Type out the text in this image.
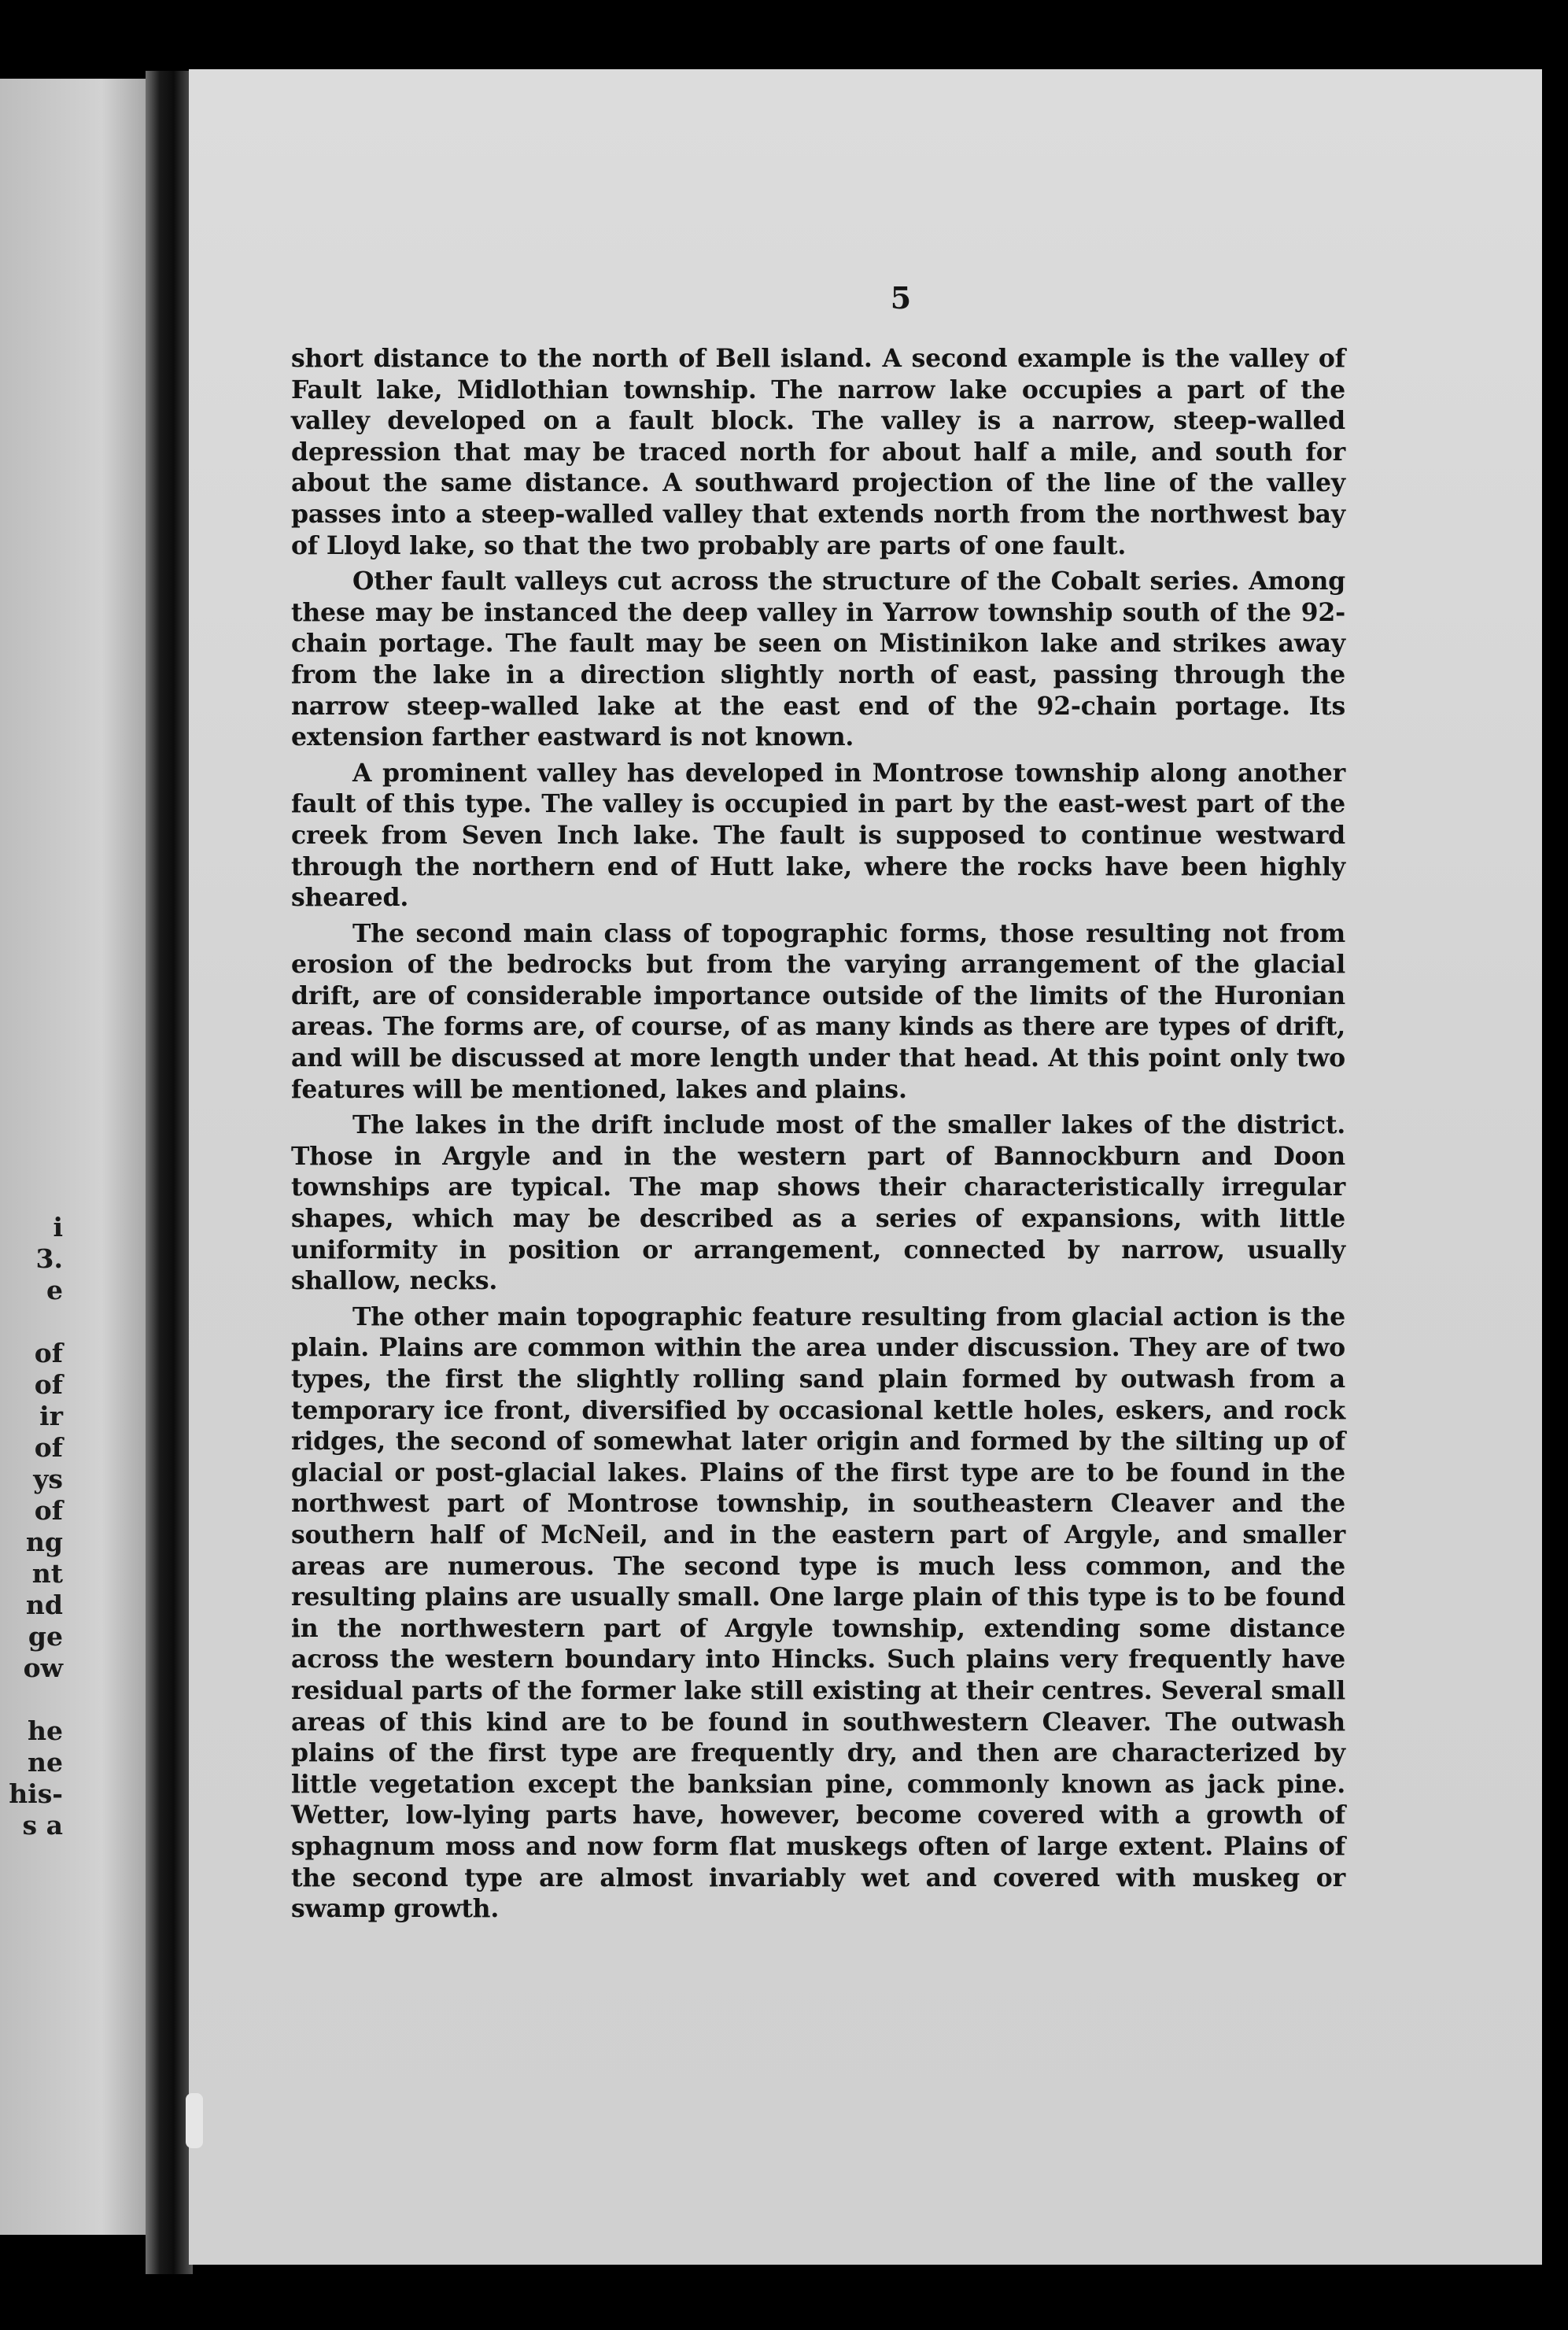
i
3.
e

of
of
ir
of
ys
of
ng
nt
nd
ge
ow

he
ne
his-
s a
5

short distance to the north of Bell island. A second example is the valley of Fault lake, Midlothian township. The narrow lake occupies a part of the valley developed on a fault block. The valley is a narrow, steep-walled depression that may be traced north for about half a mile, and south for about the same distance. A southward projection of the line of the valley passes into a steep-walled valley that extends north from the northwest bay of Lloyd lake, so that the two probably are parts of one fault.

Other fault valleys cut across the structure of the Cobalt series. Among these may be instanced the deep valley in Yarrow township south of the 92-chain portage. The fault may be seen on Mistinikon lake and strikes away from the lake in a direction slightly north of east, passing through the narrow steep-walled lake at the east end of the 92-chain portage. Its extension farther eastward is not known.

A prominent valley has developed in Montrose township along another fault of this type. The valley is occupied in part by the east-west part of the creek from Seven Inch lake. The fault is supposed to continue westward through the northern end of Hutt lake, where the rocks have been highly sheared.

The second main class of topographic forms, those resulting not from erosion of the bedrocks but from the varying arrangement of the glacial drift, are of considerable importance outside of the limits of the Huronian areas. The forms are, of course, of as many kinds as there are types of drift, and will be discussed at more length under that head. At this point only two features will be mentioned, lakes and plains.

The lakes in the drift include most of the smaller lakes of the district. Those in Argyle and in the western part of Bannockburn and Doon townships are typical. The map shows their characteristically irregular shapes, which may be described as a series of expansions, with little uniformity in position or arrangement, connected by narrow, usually shallow, necks.

The other main topographic feature resulting from glacial action is the plain. Plains are common within the area under discussion. They are of two types, the first the slightly rolling sand plain formed by outwash from a temporary ice front, diversified by occasional kettle holes, eskers, and rock ridges, the second of somewhat later origin and formed by the silting up of glacial or post-glacial lakes. Plains of the first type are to be found in the northwest part of Montrose township, in southeastern Cleaver and the southern half of McNeil, and in the eastern part of Argyle, and smaller areas are numerous. The second type is much less common, and the resulting plains are usually small. One large plain of this type is to be found in the northwestern part of Argyle township, extending some distance across the western boundary into Hincks. Such plains very frequently have residual parts of the former lake still existing at their centres. Several small areas of this kind are to be found in southwestern Cleaver. The outwash plains of the first type are frequently dry, and then are characterized by little vegetation except the banksian pine, commonly known as jack pine. Wetter, low-lying parts have, however, become covered with a growth of sphagnum moss and now form flat muskegs often of large extent. Plains of the second type are almost invariably wet and covered with muskeg or swamp growth.
